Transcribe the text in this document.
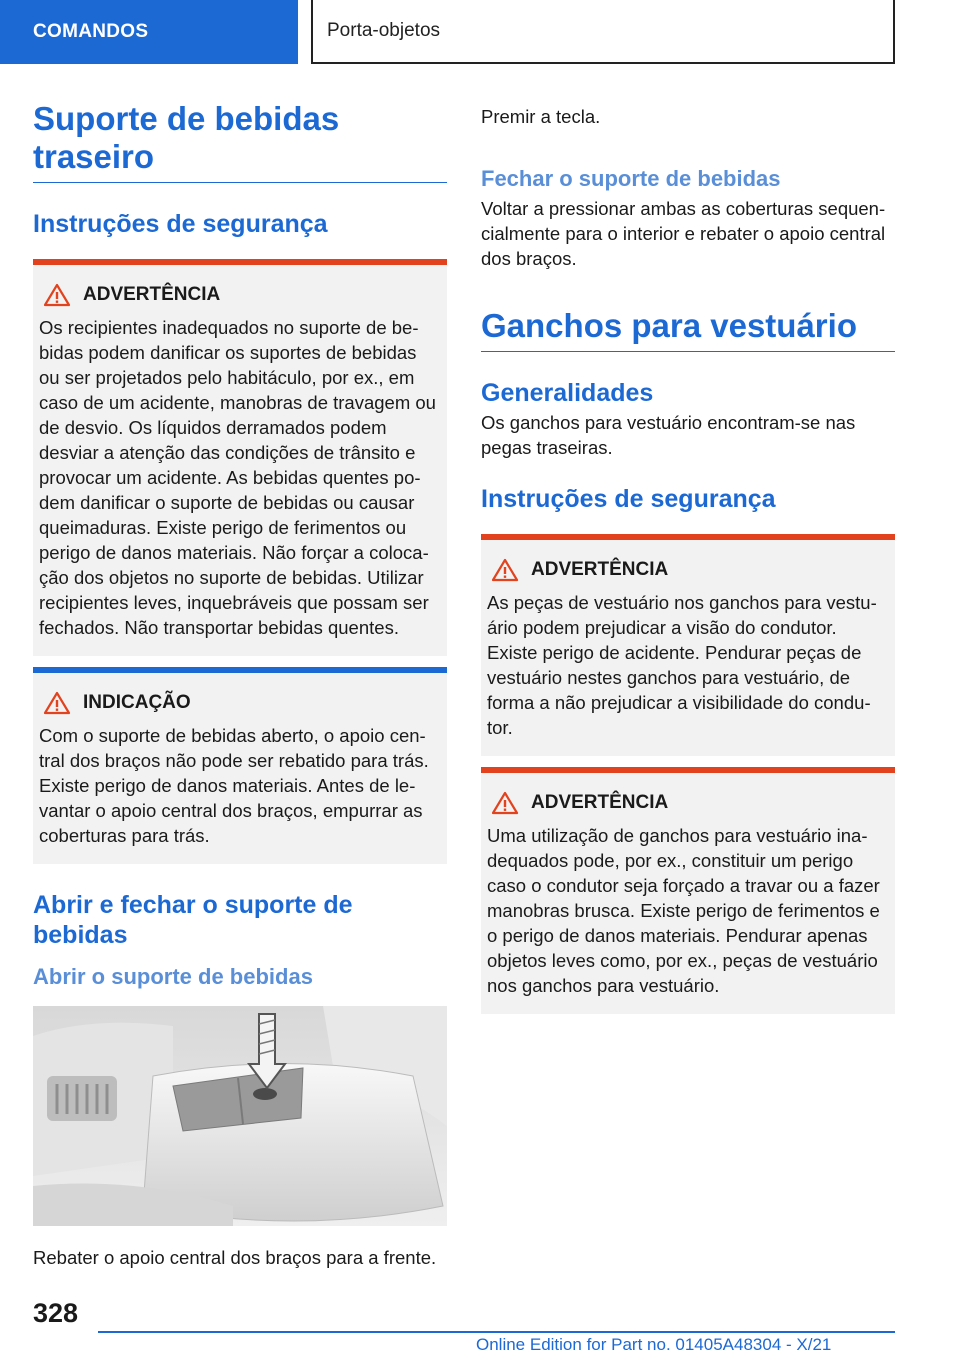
COMANDOS	Porta-objetos
Suporte de bebidas traseiro
Instruções de segurança
ADVERTÊNCIA

Os recipientes inadequados no suporte de bebidas podem danificar os suportes de bebidas ou ser projetados pelo habitáculo, por ex., em caso de um acidente, manobras de travagem ou de desvio. Os líquidos derramados podem desviar a atenção das condições de trânsito e provocar um acidente. As bebidas quentes podem danificar o suporte de bebidas ou causar queimaduras. Existe perigo de ferimentos ou perigo de danos materiais. Não forçar a colocação dos objetos no suporte de bebidas. Utilizar recipientes leves, inquebráveis que possam ser fechados. Não transportar bebidas quentes.

INDICAÇÃO

Com o suporte de bebidas aberto, o apoio central dos braços não pode ser rebatido para trás. Existe perigo de danos materiais. Antes de levantar o apoio central dos braços, empurrar as coberturas para trás.

Abrir e fechar o suporte de bebidas
Abrir o suporte de bebidas

Rebater o apoio central dos braços para a frente.

Premir a tecla.

Fechar o suporte de bebidas

Voltar a pressionar ambas as coberturas sequencialmente para o interior e rebater o apoio central dos braços.

Ganchos para vestuário
Generalidades

Os ganchos para vestuário encontram-se nas pegas traseiras.

Instruções de segurança
ADVERTÊNCIA

As peças de vestuário nos ganchos para vestuário podem prejudicar a visão do condutor. Existe perigo de acidente. Pendurar peças de vestuário nestes ganchos para vestuário, de forma a não prejudicar a visibilidade do condutor.

ADVERTÊNCIA

Uma utilização de ganchos para vestuário inadequados pode, por ex., constituir um perigo caso o condutor seja forçado a travar ou a fazer manobras brusca. Existe perigo de ferimentos e o perigo de danos materiais. Pendurar apenas objetos leves como, por ex., peças de vestuário nos ganchos para vestuário.

328
Online Edition for Part no. 01405A48304 - X/21
